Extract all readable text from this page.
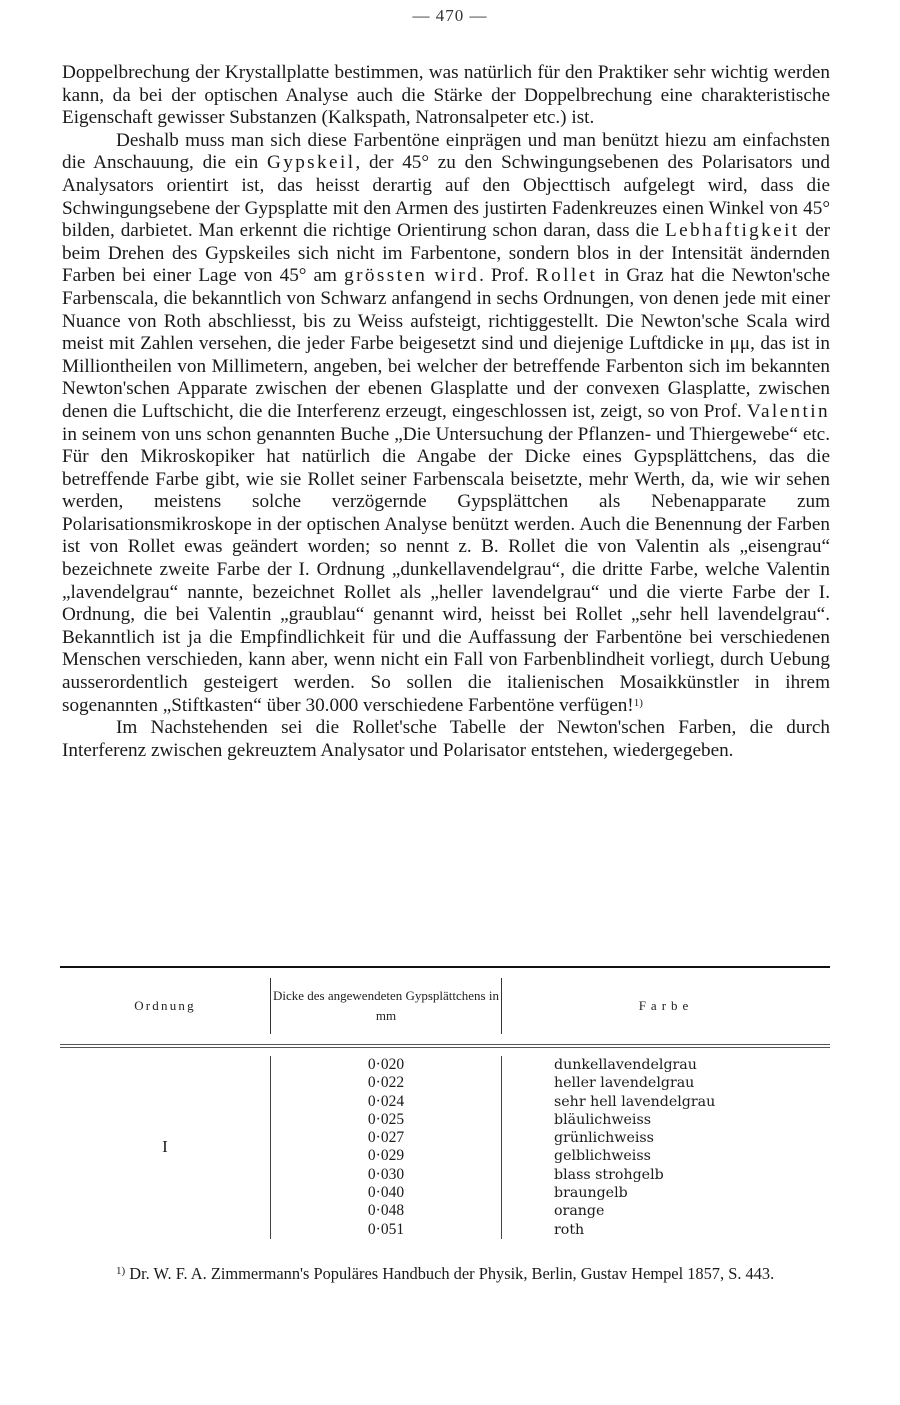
— 470 —

Doppelbrechung der Krystallplatte bestimmen, was natürlich für den Praktiker sehr wichtig werden kann, da bei der optischen Analyse auch die Stärke der Doppelbrechung eine charakteristische Eigenschaft gewisser Substanzen (Kalkspath, Natronsalpeter etc.) ist.

Deshalb muss man sich diese Farbentöne einprägen und man benützt hiezu am einfachsten die Anschauung, die ein Gypskeil, der 45° zu den Schwingungsebenen des Polarisators und Analysators orientirt ist, das heisst derartig auf den Objecttisch aufgelegt wird, dass die Schwingungsebene der Gypsplatte mit den Armen des justirten Fadenkreuzes einen Winkel von 45° bilden, darbietet. Man erkennt die richtige Orientirung schon daran, dass die Lebhaftigkeit der beim Drehen des Gypskeiles sich nicht im Farbentone, sondern blos in der Intensität ändernden Farben bei einer Lage von 45° am grössten wird. Prof. Rollet in Graz hat die Newton'sche Farbenscala, die bekanntlich von Schwarz anfangend in sechs Ordnungen, von denen jede mit einer Nuance von Roth abschliesst, bis zu Weiss aufsteigt, richtiggestellt. Die Newton'sche Scala wird meist mit Zahlen versehen, die jeder Farbe beigesetzt sind und diejenige Luftdicke in μμ, das ist in Milliontheilen von Millimetern, angeben, bei welcher der betreffende Farbenton sich im bekannten Newton'schen Apparate zwischen der ebenen Glasplatte und der convexen Glasplatte, zwischen denen die Luftschicht, die die Interferenz erzeugt, eingeschlossen ist, zeigt, so von Prof. Valentin in seinem von uns schon genannten Buche „Die Untersuchung der Pflanzen- und Thiergewebe“ etc. Für den Mikroskopiker hat natürlich die Angabe der Dicke eines Gypsplättchens, das die betreffende Farbe gibt, wie sie Rollet seiner Farbenscala beisetzte, mehr Werth, da, wie wir sehen werden, meistens solche verzögernde Gypsplättchen als Nebenapparate zum Polarisationsmikroskope in der optischen Analyse benützt werden. Auch die Benennung der Farben ist von Rollet ewas geändert worden; so nennt z. B. Rollet die von Valentin als „eisengrau“ bezeichnete zweite Farbe der I. Ordnung „dunkellavendelgrau“, die dritte Farbe, welche Valentin „lavendelgrau“ nannte, bezeichnet Rollet als „heller lavendelgrau“ und die vierte Farbe der I. Ordnung, die bei Valentin „graublau“ genannt wird, heisst bei Rollet „sehr hell lavendelgrau“. Bekanntlich ist ja die Empfindlichkeit für und die Auffassung der Farbentöne bei verschiedenen Menschen verschieden, kann aber, wenn nicht ein Fall von Farbenblindheit vorliegt, durch Uebung ausserordentlich gesteigert werden. So sollen die italienischen Mosaikkünstler in ihrem sogenannten „Stiftkasten“ über 30.000 verschiedene Farbentöne verfügen!$^{1)}$

Im Nachstehenden sei die Rollet'sche Tabelle der Newton'schen Farben, die durch Interferenz zwischen gekreuztem Analysator und Polarisator entstehen, wiedergegeben.

Ordnung
Dicke des angewendeten Gypsplättchens in mm
Farbe
I
0·020
0·022
0·024
0·025
0·027
0·029
0·030
0·040
0·048
0·051
dunkellavendelgrau
heller lavendelgrau
sehr hell lavendelgrau
bläulichweiss
grünlichweiss
gelblichweiss
blass strohgelb
braungelb
orange
roth

$^{1)}$ Dr. W. F. A. Zimmermann's Populäres Handbuch der Physik, Berlin, Gustav Hempel 1857, S. 443.
